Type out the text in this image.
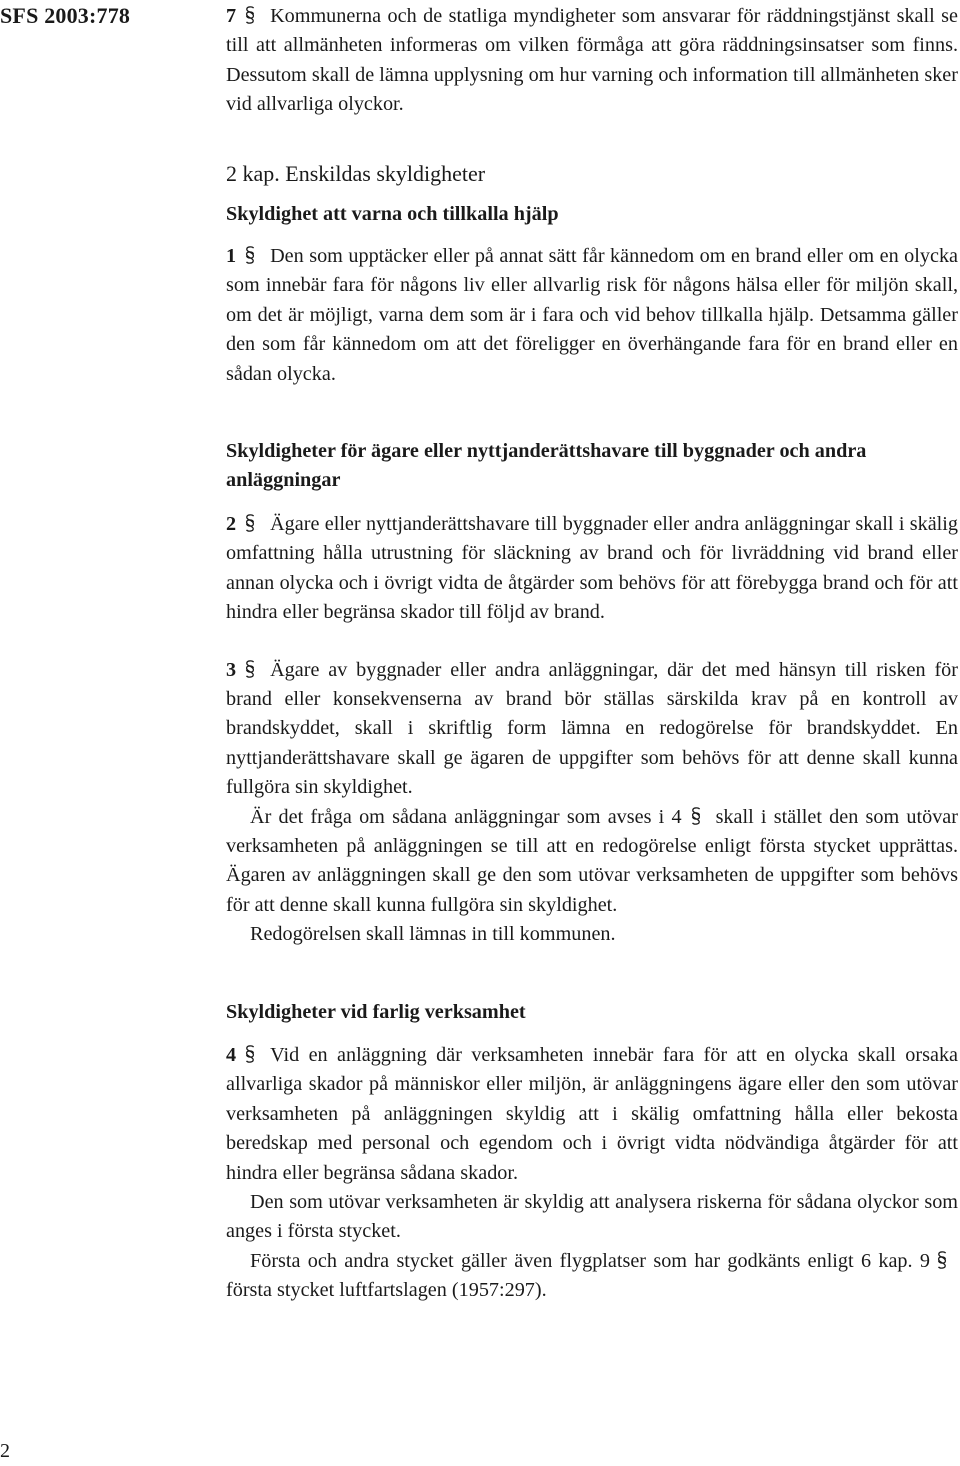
SFS 2003:778	7 Kommunerna och de statliga myndigheter som ansvarar för räddningstjänst skall se till att allmänheten informeras om vilken förmåga att göra räddningsinsatser som finns. Dessutom skall de lämna upplysning om hur varning och information till allmänheten sker vid allvarliga olyckor.

2 kap. Enskildas skyldigheter
Skyldighet att varna och tillkalla hjälp

1 Den som upptäcker eller på annat sätt får kännedom om en brand eller om en olycka som innebär fara för någons liv eller allvarlig risk för någons hälsa eller för miljön skall, om det är möjligt, varna dem som är i fara och vid behov tillkalla hjälp. Detsamma gäller den som får kännedom om att det föreligger en överhängande fara för en brand eller en sådan olycka.

Skyldigheter för ägare eller nyttjanderättshavare till byggnader och andra anläggningar

2 Ägare eller nyttjanderättshavare till byggnader eller andra anläggningar skall i skälig omfattning hålla utrustning för släckning av brand och för livräddning vid brand eller annan olycka och i övrigt vidta de åtgärder som behövs för att förebygga brand och för att hindra eller begränsa skador till följd av brand.

3 Ägare av byggnader eller andra anläggningar, där det med hänsyn till risken för brand eller konsekvenserna av brand bör ställas särskilda krav på en kontroll av brandskyddet, skall i skriftlig form lämna en redogörelse för brandskyddet. En nyttjanderättshavare skall ge ägaren de uppgifter som behövs för att denne skall kunna fullgöra sin skyldighet.

Är det fråga om sådana anläggningar som avses i 4 skall i stället den som utövar verksamheten på anläggningen se till att en redogörelse enligt första stycket upprättas. Ägaren av anläggningen skall ge den som utövar verksamheten de uppgifter som behövs för att denne skall kunna fullgöra sin skyldighet.

Redogörelsen skall lämnas in till kommunen.

Skyldigheter vid farlig verksamhet

4 Vid en anläggning där verksamheten innebär fara för att en olycka skall orsaka allvarliga skador på människor eller miljön, är anläggningens ägare eller den som utövar verksamheten på anläggningen skyldig att i skälig omfattning hålla eller bekosta beredskap med personal och egendom och i övrigt vidta nödvändiga åtgärder för att hindra eller begränsa sådana skador.

Den som utövar verksamheten är skyldig att analysera riskerna för sådana olyckor som anges i första stycket.

Första och andra stycket gäller även flygplatser som har godkänts enligt 6 kap. 9
första stycket luftfartslagen (1957:297).

2
